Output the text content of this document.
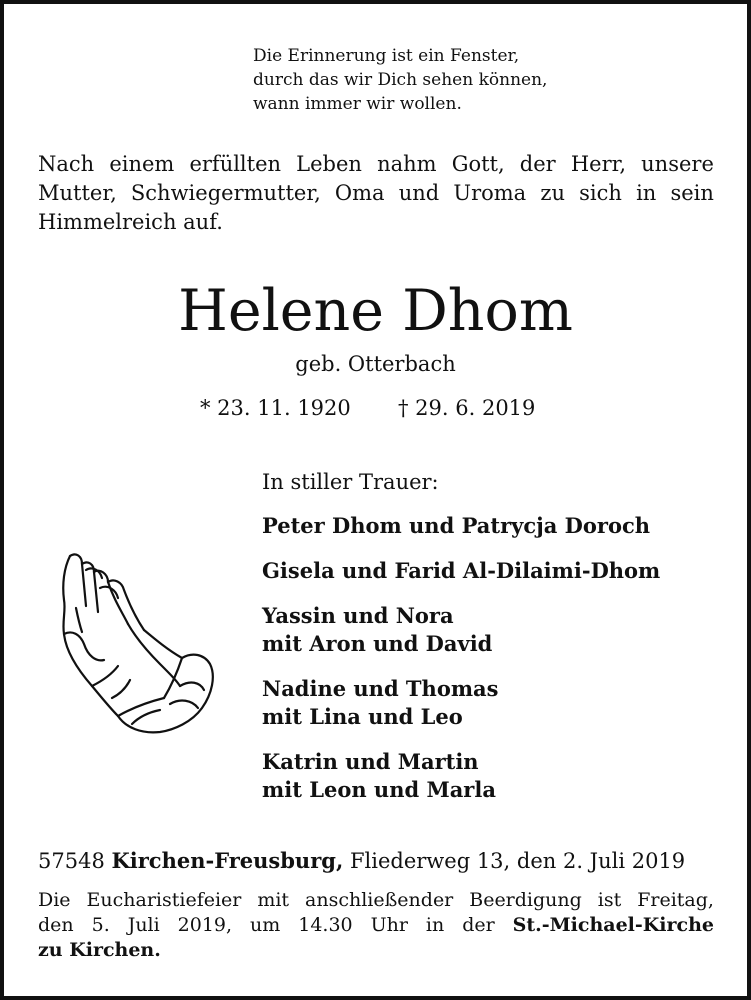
Die Erinnerung ist ein Fenster,
durch das wir Dich sehen können,
wann immer wir wollen.
Nach einem erfüllten Leben nahm Gott, der Herr, unsere
Mutter, Schwiegermutter, Oma und Uroma zu sich in sein
Himmelreich auf.
Helene Dhom
geb. Otterbach
* 23. 11. 1920 † 29. 6. 2019
In stiller Trauer:
Peter Dhom und Patrycja Doroch
Gisela und Farid Al-Dilaimi-Dhom
Yassin und Nora
mit Aron und David
Nadine und Thomas
mit Lina und Leo
Katrin und Martin
mit Leon und Marla
57548 Kirchen-Freusburg, Fliederweg 13, den 2. Juli 2019
Die Eucharistiefeier mit anschließender Beerdigung ist Freitag,
den 5. Juli 2019, um 14.30 Uhr in der St.-Michael-Kirche
zu Kirchen.
